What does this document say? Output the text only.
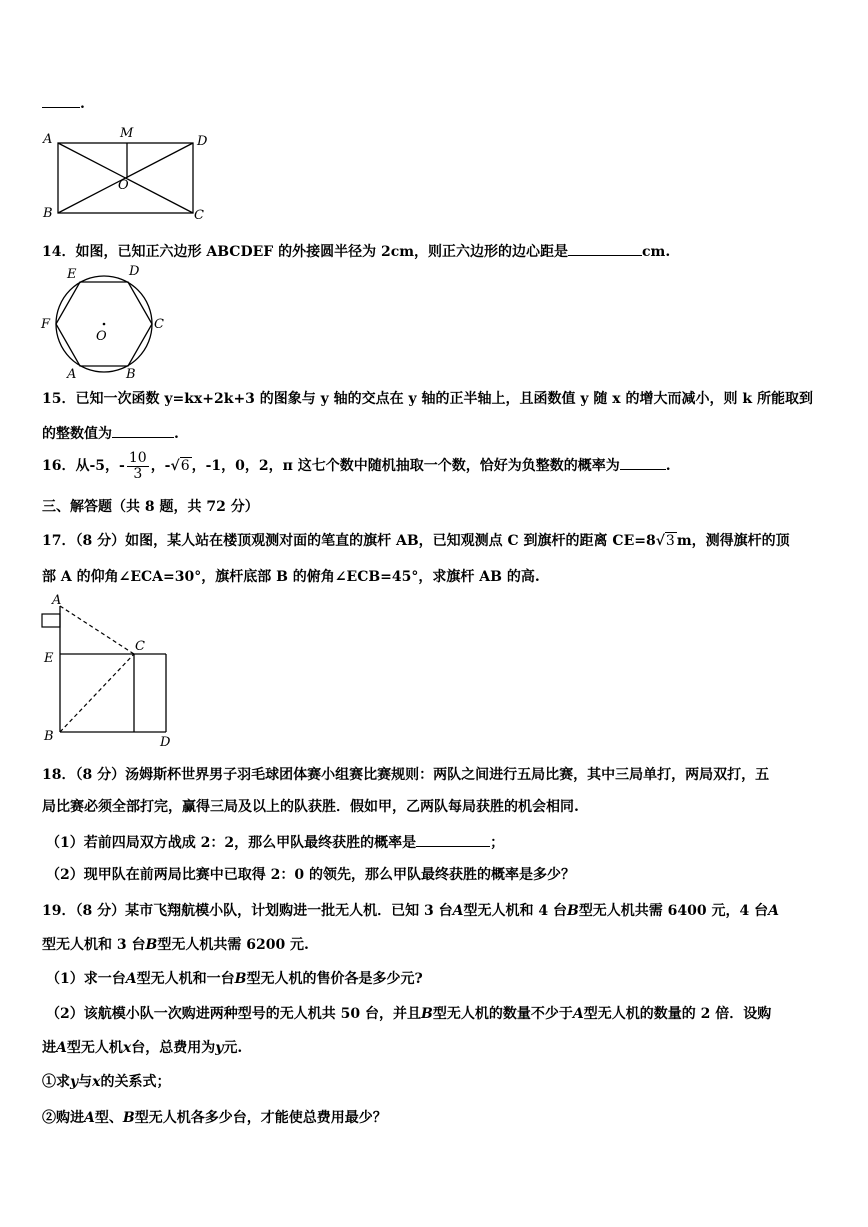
.
A	M
D
O
B	C
14．如图，已知正六边形 ABCDEF 的外接圆半径为 2cm，则正六边形的边心距是	cm.
E	D
F	C
O
A	B
15．已知一次函数 y=kx+2k+3 的图象与 y 轴的交点在 y 轴的正半轴上，且函数值 y 随 x 的增大而减小，则 k 所能取到
的整数值为	.
16．从-5，- $\frac{10}{3}$ ，-√6 ，-1，0，2，π 这七个数中随机抽取一个数，恰好为负整数的概率为	.
三、解答题（共 8 题，共 72 分）
17．（8 分）如图，某人站在楼顶观测对面的笔直的旗杆 AB，已知观测点 C 到旗杆的距离 CE=8√3 m，测得旗杆的顶
部 A 的仰角∠ECA=30°，旗杆底部 B 的俯角∠ECB=45°，求旗杆 AB 的高.
A
C
E
B	D
18．（8 分）汤姆斯杯世界男子羽毛球团体赛小组赛比赛规则：两队之间进行五局比赛，其中三局单打，两局双打，五
局比赛必须全部打完，赢得三局及以上的队获胜．假如甲，乙两队每局获胜的机会相同.
（1）若前四局双方战成 2：2，那么甲队最终获胜的概率是	；
（2）现甲队在前两局比赛中已取得 2：0 的领先，那么甲队最终获胜的概率是多少？
19．（8 分）某市飞翔航模小队，计划购进一批无人机．已知 3 台A型无人机和 4 台B型无人机共需 6400 元，4 台A
型无人机和 3 台B型无人机共需 6200 元.
（1）求一台A型无人机和一台B型无人机的售价各是多少元?
（2）该航模小队一次购进两种型号的无人机共 50 台，并且B型无人机的数量不少于A型无人机的数量的 2 倍．设购
进A型无人机x台，总费用为y元.
①求y与x的关系式；
②购进A型、B型无人机各多少台，才能使总费用最少？
